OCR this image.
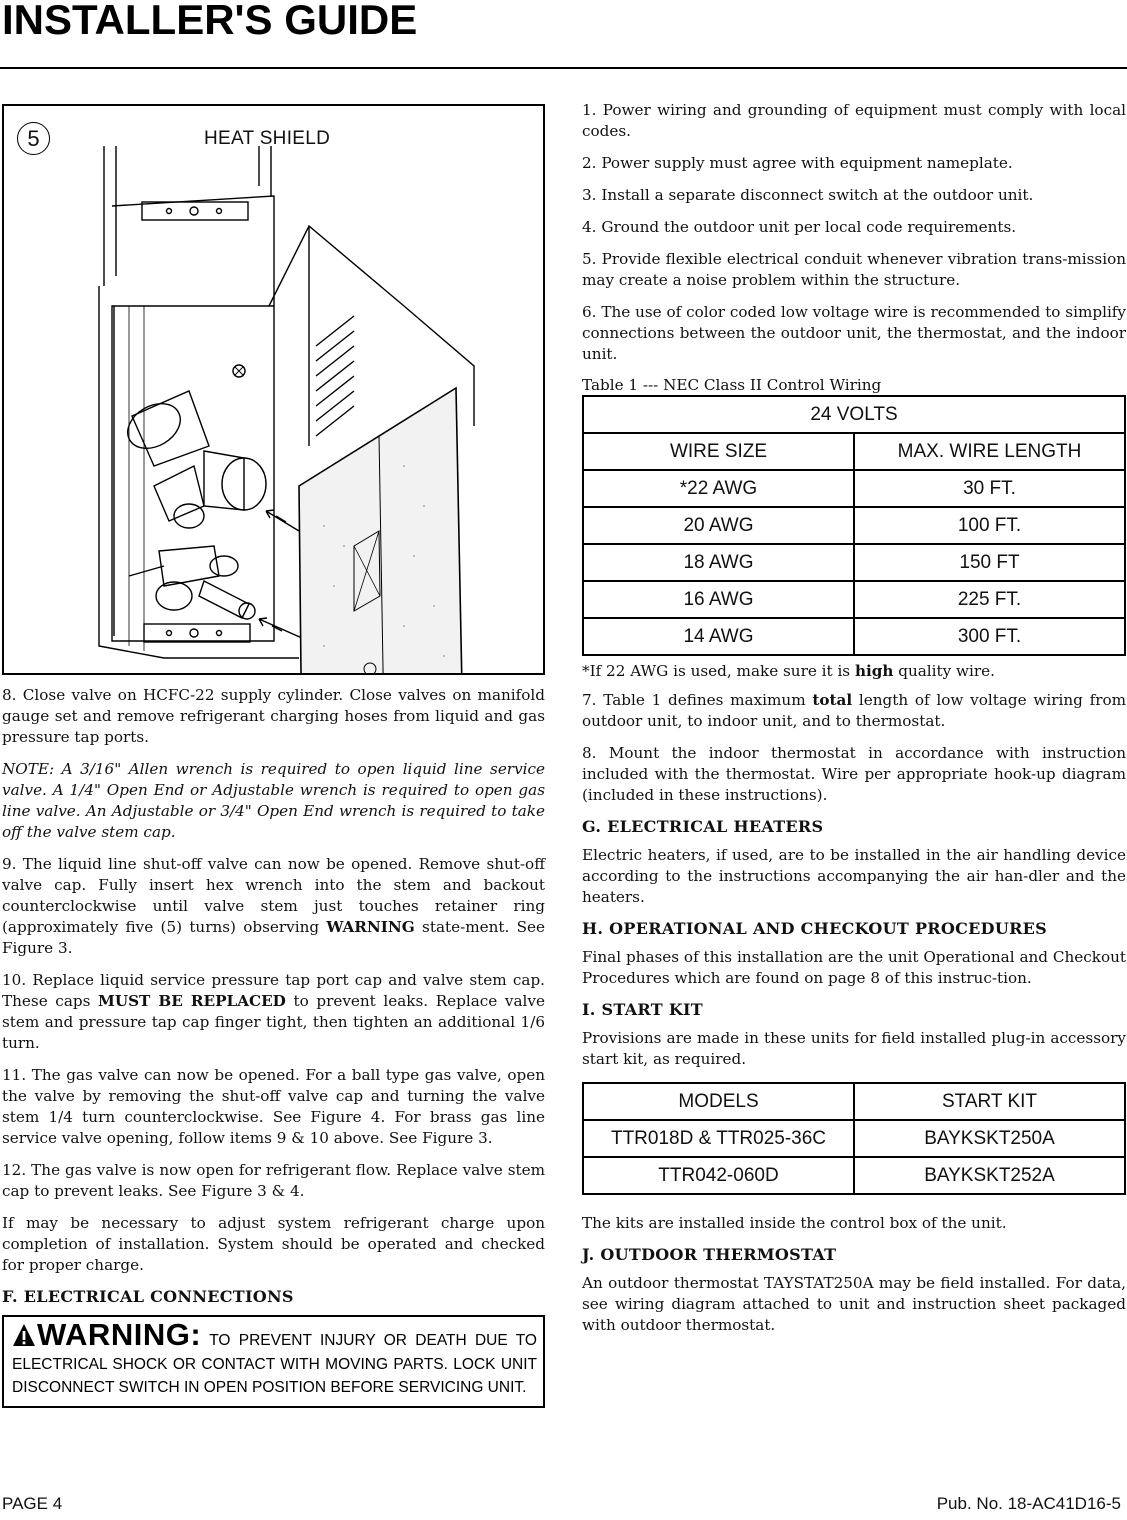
INSTALLER'S GUIDE
5	HEAT SHIELD

8. Close valve on HCFC-22 supply cylinder. Close valves on manifold gauge set and remove refrigerant charging hoses from liquid and gas pressure tap ports.

NOTE: A 3/16" Allen wrench is required to open liquid line service valve. A 1/4" Open End or Adjustable wrench is required to open gas line valve. An Adjustable or 3/4" Open End wrench is required to take off the valve stem cap.

9. The liquid line shut-off valve can now be opened. Remove shut-off valve cap. Fully insert hex wrench into the stem and backout counterclockwise until valve stem just touches retainer ring (approximately five (5) turns) observing WARNING state-ment. See Figure 3.

10. Replace liquid service pressure tap port cap and valve stem cap. These caps MUST BE REPLACED to prevent leaks. Replace valve stem and pressure tap cap finger tight, then tighten an additional 1/6 turn.

11. The gas valve can now be opened. For a ball type gas valve, open the valve by removing the shut-off valve cap and turning the valve stem 1/4 turn counterclockwise. See Figure 4. For brass gas line service valve opening, follow items 9 & 10 above. See Figure 3.

12. The gas valve is now open for refrigerant flow. Replace valve stem cap to prevent leaks. See Figure 3 & 4.

If may be necessary to adjust system refrigerant charge upon completion of installation. System should be operated and checked for proper charge.

F. ELECTRICAL CONNECTIONS

WARNING: TO PREVENT INJURY OR DEATH DUE TO ELECTRICAL SHOCK OR CONTACT WITH MOVING PARTS. LOCK UNIT DISCONNECT SWITCH IN OPEN POSITION BEFORE SERVICING UNIT.

1. Power wiring and grounding of equipment must comply with local codes.

2. Power supply must agree with equipment nameplate.

3. Install a separate disconnect switch at the outdoor unit.

4. Ground the outdoor unit per local code requirements.

5. Provide flexible electrical conduit whenever vibration trans-mission may create a noise problem within the structure.

6. The use of color coded low voltage wire is recommended to simplify connections between the outdoor unit, the thermostat, and the indoor unit.

Table 1 --- NEC Class II Control Wiring

24 VOLTS	
WIRE SIZE	MAX. WIRE LENGTH
*22 AWG	30 FT.
20 AWG	100 FT.
18 AWG	150 FT
16 AWG	225 FT.
14 AWG	300 FT.

*If 22 AWG is used, make sure it is high quality wire.

7. Table 1 defines maximum total length of low voltage wiring from outdoor unit, to indoor unit, and to thermostat.

8. Mount the indoor thermostat in accordance with instruction included with the thermostat. Wire per appropriate hook-up diagram (included in these instructions).

G. ELECTRICAL HEATERS

Electric heaters, if used, are to be installed in the air handling device according to the instructions accompanying the air han-dler and the heaters.

H. OPERATIONAL AND CHECKOUT PROCEDURES

Final phases of this installation are the unit Operational and Checkout Procedures which are found on page 8 of this instruc-tion.

I. START KIT

Provisions are made in these units for field installed plug-in accessory start kit, as required.

MODELS	START KIT
TTR018D & TTR025-36C	BAYKSKT250A
TTR042-060D	BAYKSKT252A

The kits are installed inside the control box of the unit.

J. OUTDOOR THERMOSTAT

An outdoor thermostat TAYSTAT250A may be field installed. For data, see wiring diagram attached to unit and instruction sheet packaged with outdoor thermostat.

PAGE 4	Pub. No. 18-AC41D16-5
